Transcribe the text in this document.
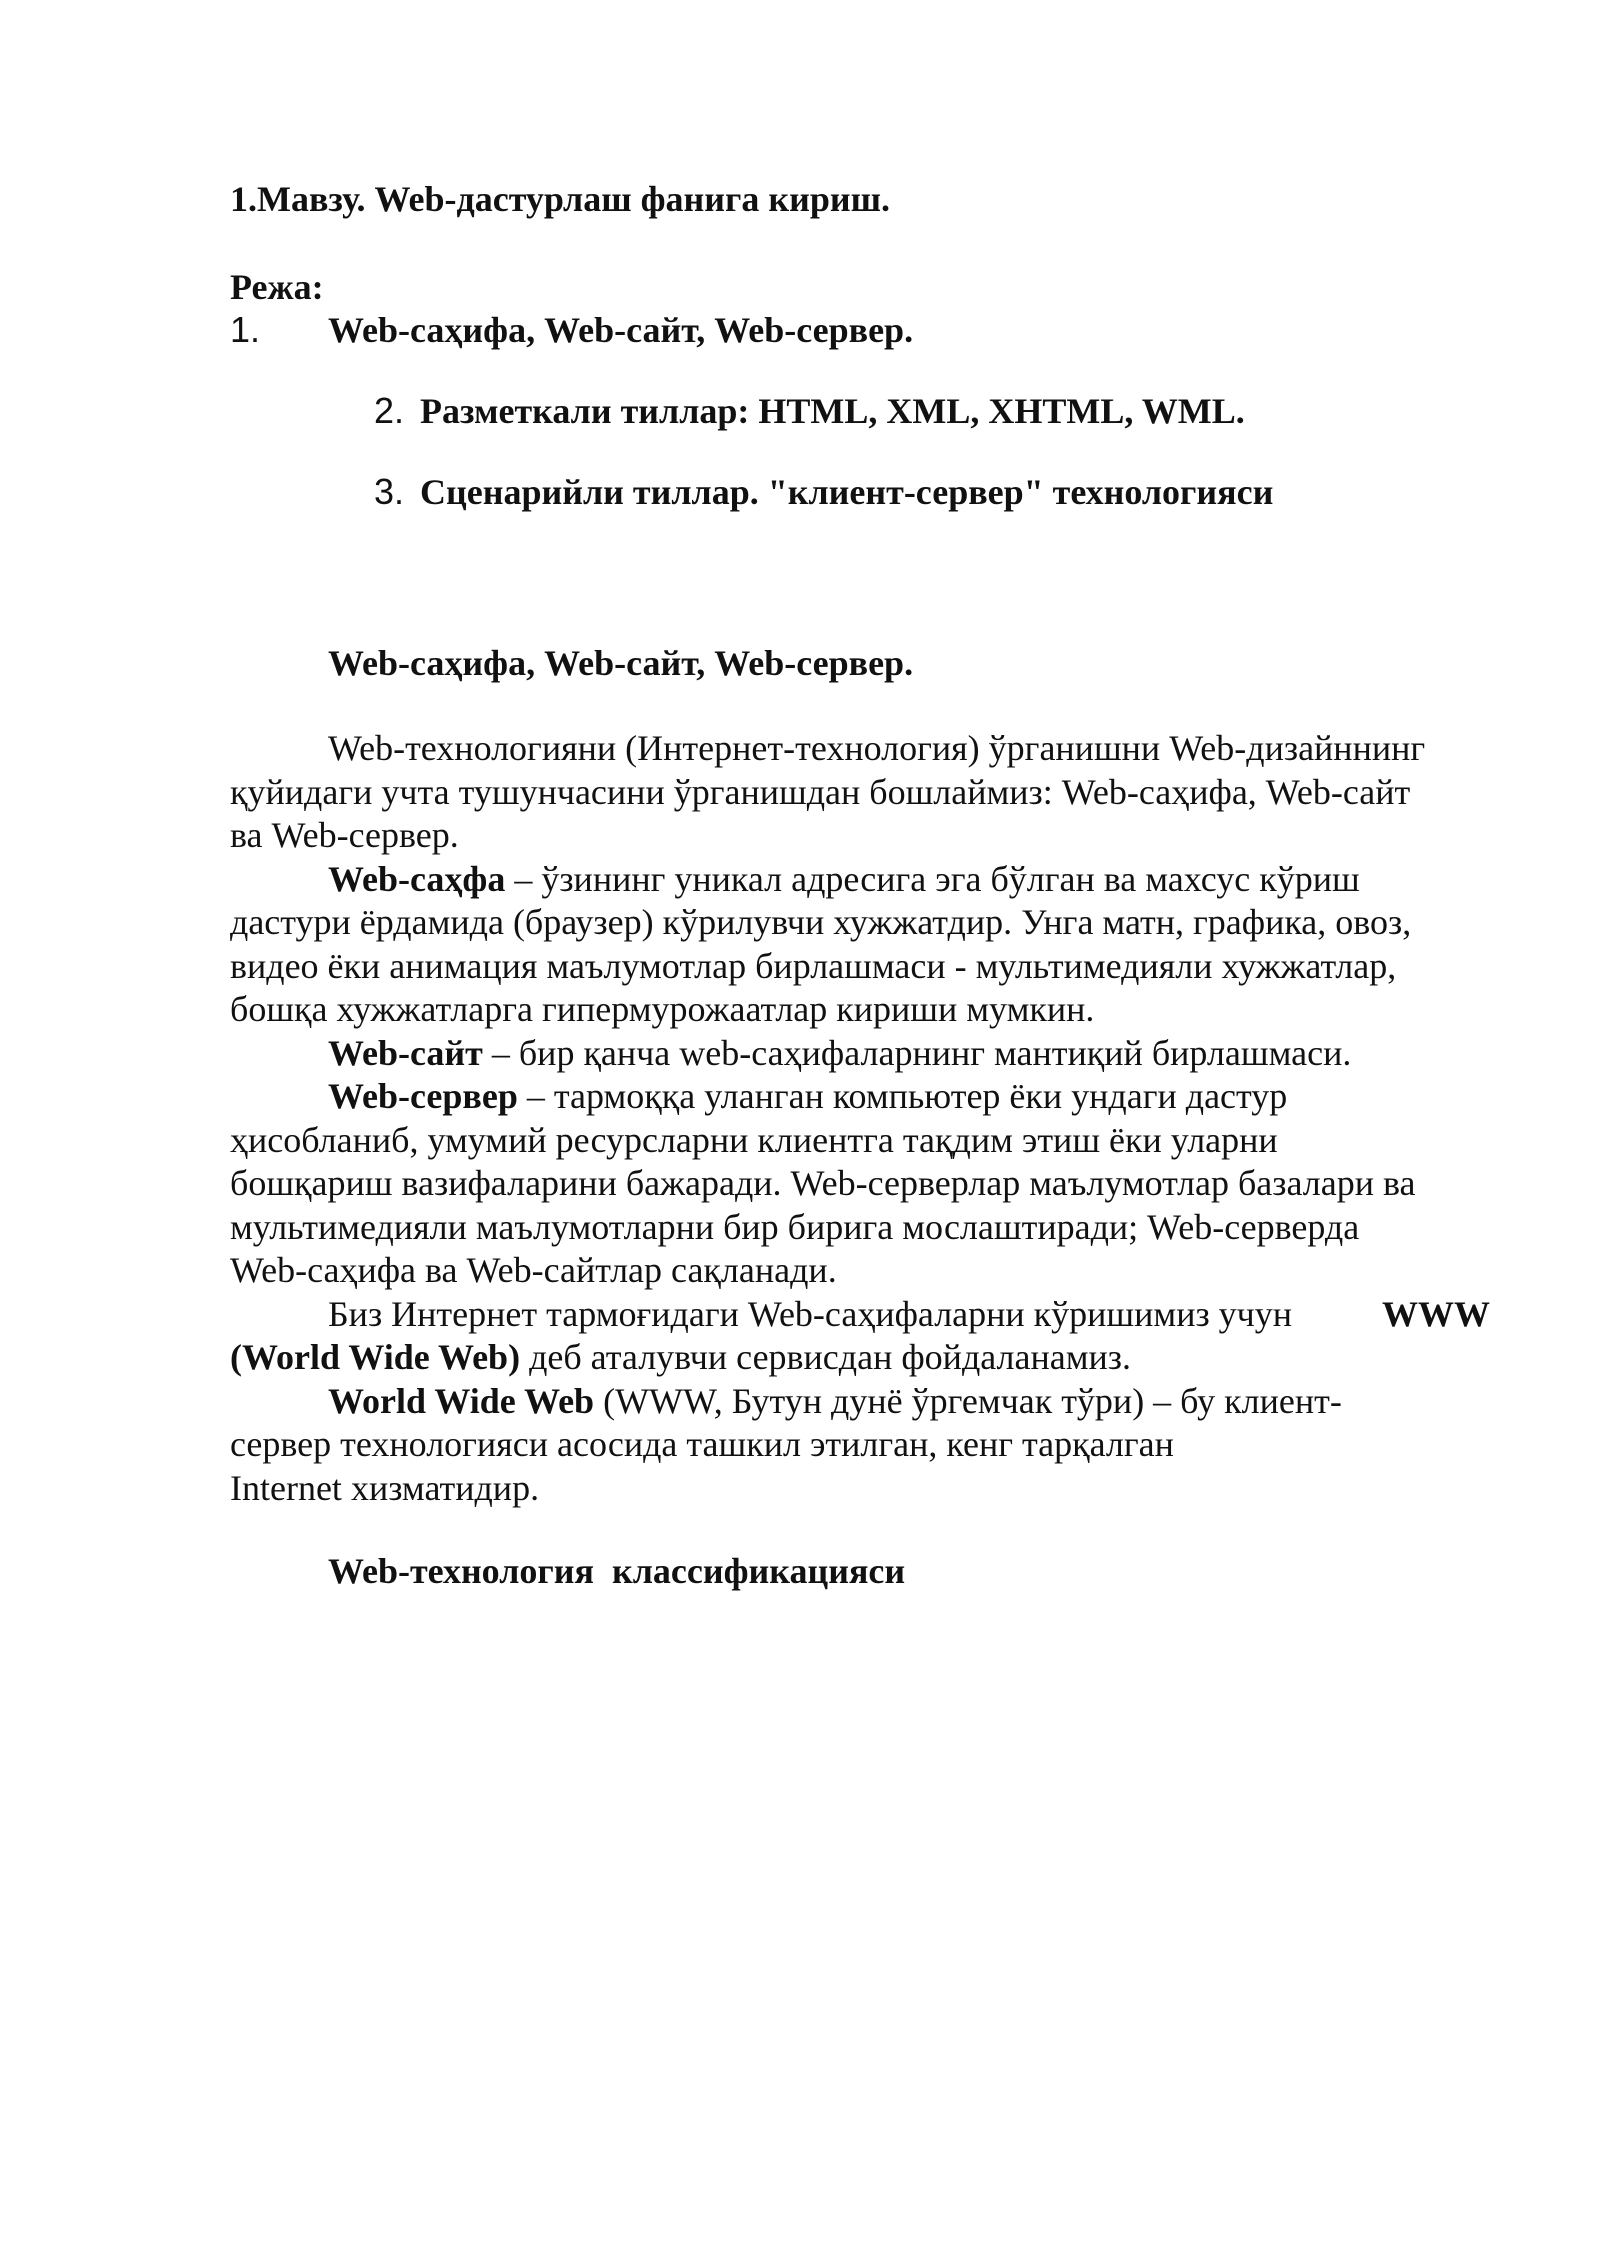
1.Мавзу. Web-дастурлаш фанига кириш.
Режа:
1. Web-саҳифа, Web-сайт, Web-сервер.
2. Разметкали тиллар: HTML, XML, XHTML, WML.
3. Сценарийли тиллар. "клиент-сервер" технологияси
Web-саҳифа, Web-сайт, Web-сервер.
Web-технологияни (Интернет-технология) ўрганишни Web-дизайннинг
қуйидаги учта тушунчасини ўрганишдан бошлаймиз: Web-саҳифа, Web-сайт
ва Web-сервер.
Web-саҳфа – ўзининг уникал адресига эга бўлган ва махсус кўриш
дастури ёрдамида (браузер) кўрилувчи хужжатдир. Унга матн, графика, овоз,
видео ёки анимация маълумотлар бирлашмаси - мультимедияли хужжатлар,
бошқа хужжатларга гипермурожаатлар кириши мумкин.
Web-сайт – бир қанча web-саҳифаларнинг мантиқий бирлашмаси.
Web-сервер – тармоққа уланган компьютер ёки ундаги дастур
ҳисобланиб, умумий ресурсларни клиентга тақдим этиш ёки уларни
бошқариш вазифаларини бажаради. Web-серверлар маълумотлар базалари ва
мультимедияли маълумотларни бир бирига мослаштиради; Web-серверда
Web-саҳифа ва Web-сайтлар сақланади.
Биз Интернет тармоғидаги Web-саҳифаларни кўришимиз учун WWW
(World Wide Web) деб аталувчи сервисдан фойдаланамиз.
World Wide Web (WWW, Бутун дунё ўргемчак тўри) – бу клиент-
сервер технологияси асосида ташкил этилган, кенг тарқалган
Internet хизматидир.
Web-технология  классификацияси
